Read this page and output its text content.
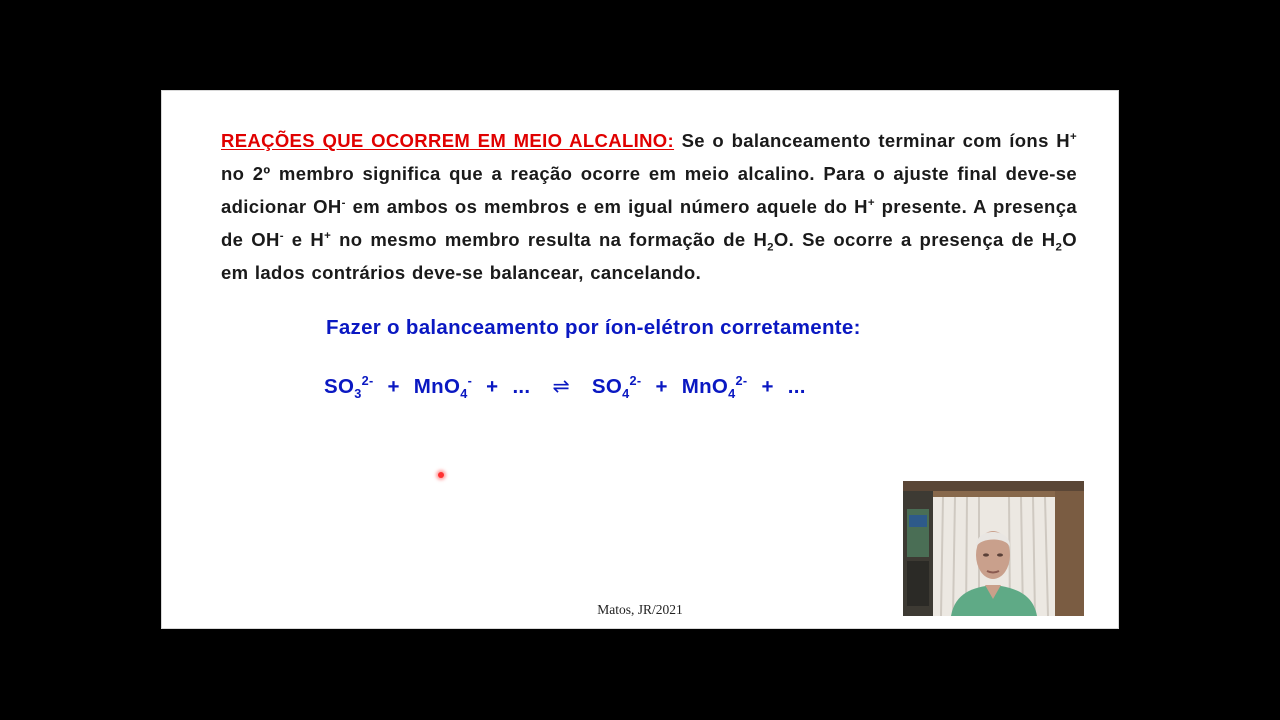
REAÇÕES QUE OCORREM EM MEIO ALCALINO: Se o balanceamento terminar com íons H+ no 2º membro significa que a reação ocorre em meio alcalino. Para o ajuste final deve-se adicionar OH- em ambos os membros e em igual número aquele do H+ presente. A presença de OH- e H+ no mesmo membro resulta na formação de $H_2O$. Se ocorre a presença de $H_2O$ em lados contrários deve-se balancear, cancelando.
Fazer o balanceamento por íon-elétron corretamente:
$SO_3^{2-} + MnO_4^-$ + ... ⇌ $SO_4^{2-} + MnO_4^{2-}$ + ...
Matos, JR/2021
